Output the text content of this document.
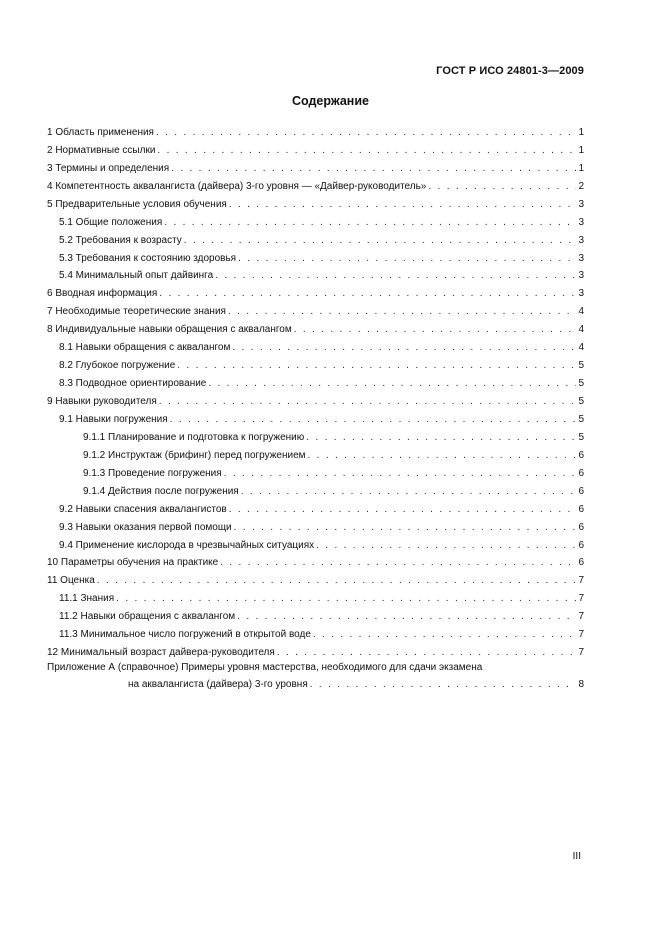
ГОСТ Р ИСО 24801-3—2009
Содержание
1 Область применения . . .	1
2 Нормативные ссылки . . .	1
3 Термины и определения . . .	1
4 Компетентность аквалангиста (дайвера) 3-го уровня — «Дайвер-руководитель» . . .	2
5 Предварительные условия обучения . . .	3
5.1 Общие положения . . .	3
5.2 Требования к возрасту . . .	3
5.3 Требования к состоянию здоровья . . .	3
5.4 Минимальный опыт дайвинга . . .	3
6 Вводная информация . . .	3
7 Необходимые теоретические знания . . .	4
8 Индивидуальные навыки обращения с аквалангом . . .	4
8.1 Навыки обращения с аквалангом . . .	4
8.2 Глубокое погружение . . .	5
8.3 Подводное ориентирование . . .	5
9 Навыки руководителя . . .	5
9.1 Навыки погружения . . .	5
9.1.1 Планирование и подготовка к погружению . . .	5
9.1.2 Инструктаж (брифинг) перед погружением . . .	6
9.1.3 Проведение погружения . . .	6
9.1.4 Действия после погружения . . .	6
9.2 Навыки спасения аквалангистов . . .	6
9.3 Навыки оказания первой помощи . . .	6
9.4 Применение кислорода в чрезвычайных ситуациях . . .	6
10 Параметры обучения на практике . . .	6
11 Оценка . . .	7
11.1 Знания . . .	7
11.2 Навыки обращения с аквалангом . . .	7
11.3 Минимальное число погружений в открытой воде . . .	7
12 Минимальный возраст дайвера-руководителя . . .	7
Приложение А (справочное) Примеры уровня мастерства, необходимого для сдачи экзамена
на аквалангиста (дайвера) 3-го уровня . . .	8
III
